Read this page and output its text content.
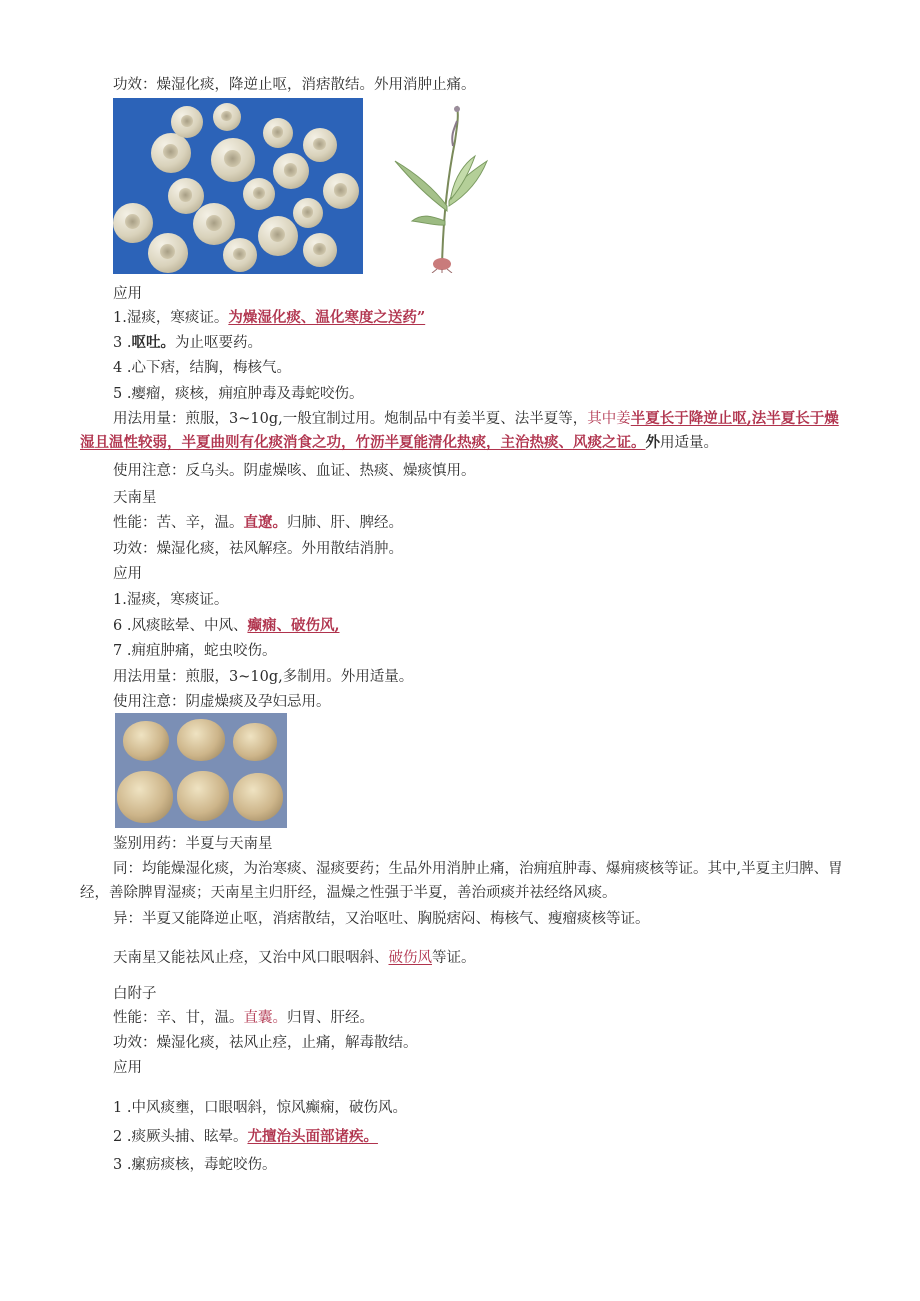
功效：燥湿化痰，降逆止呕，消痞散结。外用消肿止痛。
应用
1.湿痰，寒痰证。为燥湿化痰、温化寒度之送药”
3 .呕吐。为止呕要药。
4 .心下痞，结胸，梅核气。
5 .瘿瘤，痰核，痈疽肿毒及毒蛇咬伤。
用法用量：煎服，3~10g,一般宜制过用。炮制品中有姜半夏、法半夏等，其中姜半夏长于降逆止呕,法半夏长于燥湿且温性较弱，半夏曲则有化痰消食之功，竹沥半夏能清化热痰，主治热痰、风痰之证。外用适量。
使用注意：反乌头。阴虚燥咳、血证、热痰、燥痰慎用。
天南星
性能：苦、辛，温。直遼。归肺、肝、脾经。
功效：燥湿化痰，祛风解痉。外用散结消肿。
应用
1.湿痰，寒痰证。
6 .风痰眩晕、中风、癫痫、破伤风,
7 .痈疽肿痛，蛇虫咬伤。
用法用量：煎服，3~10g,多制用。外用适量。
使用注意：阴虚燥痰及孕妇忌用。
鉴别用药：半夏与天南星
同：均能燥湿化痰，为治寒痰、湿痰要药；生品外用消肿止痛，治痈疽肿毒、爆痈痰核等证。其中,半夏主归脾、胃经，善除脾胃湿痰；天南星主归肝经，温燥之性强于半夏，善治顽痰并祛经络风痰。
异：半夏又能降逆止呕，消痞散结，又治呕吐、胸脱痞闷、梅核气、瘦瘤痰核等证。
天南星又能祛风止痉，又治中风口眼咽斜、破伤风等证。
白附子
性能：辛、甘，温。直囊。归胃、肝经。
功效：燥湿化痰，祛风止痉，止痛，解毒散结。
应用
1 .中风痰壅，口眼咽斜，惊风癫痫，破伤风。
2 .痰厥头捕、眩晕。尤擅治头面部诸疾。
3 .瘰疬痰核，毒蛇咬伤。
